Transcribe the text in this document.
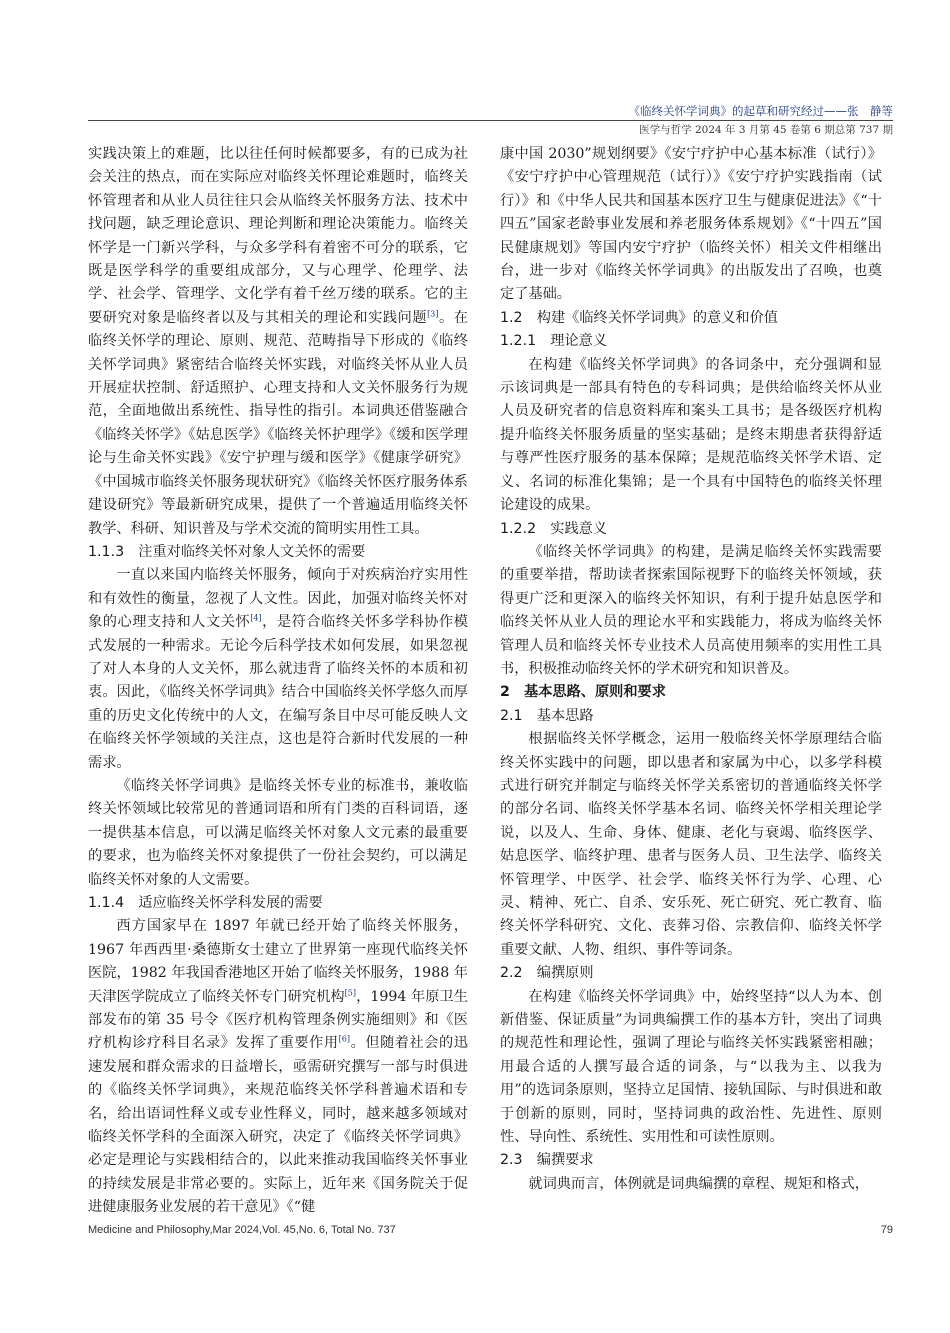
《临终关怀学词典》的起草和研究经过——张　静等
医学与哲学 2024 年 3 月第 45 卷第 6 期总第 737 期

实践决策上的难题，比以往任何时候都要多，有的已成为社会关注的热点，而在实际应对临终关怀理论难题时，临终关怀管理者和从业人员往往只会从临终关怀服务方法、技术中找问题，缺乏理论意识、理论判断和理论决策能力。临终关怀学是一门新兴学科，与众多学科有着密不可分的联系，它既是医学科学的重要组成部分，又与心理学、伦理学、法学、社会学、管理学、文化学有着千丝万缕的联系。它的主要研究对象是临终者以及与其相关的理论和实践问题[3]。在临终关怀学的理论、原则、规范、范畴指导下形成的《临终关怀学词典》紧密结合临终关怀实践，对临终关怀从业人员开展症状控制、舒适照护、心理支持和人文关怀服务行为规范，全面地做出系统性、指导性的指引。本词典还借鉴融合《临终关怀学》《姑息医学》《临终关怀护理学》《缓和医学理论与生命关怀实践》《安宁护理与缓和医学》《健康学研究》《中国城市临终关怀服务现状研究》《临终关怀医疗服务体系建设研究》等最新研究成果，提供了一个普遍适用临终关怀教学、科研、知识普及与学术交流的简明实用性工具。

1.1.3　注重对临终关怀对象人文关怀的需要

一直以来国内临终关怀服务，倾向于对疾病治疗实用性和有效性的衡量，忽视了人文性。因此，加强对临终关怀对象的心理支持和人文关怀[4]，是符合临终关怀多学科协作模式发展的一种需求。无论今后科学技术如何发展，如果忽视了对人本身的人文关怀，那么就违背了临终关怀的本质和初衷。因此，《临终关怀学词典》结合中国临终关怀学悠久而厚重的历史文化传统中的人文，在编写条目中尽可能反映人文在临终关怀学领域的关注点，这也是符合新时代发展的一种需求。

《临终关怀学词典》是临终关怀专业的标准书，兼收临终关怀领域比较常见的普通词语和所有门类的百科词语，逐一提供基本信息，可以满足临终关怀对象人文元素的最重要的要求，也为临终关怀对象提供了一份社会契约，可以满足临终关怀对象的人文需要。

1.1.4　适应临终关怀学科发展的需要

西方国家早在 1897 年就已经开始了临终关怀服务，1967 年西西里·桑德斯女士建立了世界第一座现代临终关怀医院，1982 年我国香港地区开始了临终关怀服务，1988 年天津医学院成立了临终关怀专门研究机构[5]，1994 年原卫生部发布的第 35 号令《医疗机构管理条例实施细则》和《医疗机构诊疗科目名录》发挥了重要作用[6]。但随着社会的迅速发展和群众需求的日益增长，亟需研究撰写一部与时俱进的《临终关怀学词典》，来规范临终关怀学科普遍术语和专名，给出语词性释义或专业性释义，同时，越来越多领域对临终关怀学科的全面深入研究，决定了《临终关怀学词典》必定是理论与实践相结合的，以此来推动我国临终关怀事业的持续发展是非常必要的。实际上，近年来《国务院关于促进健康服务业发展的若干意见》《“健

康中国 2030”规划纲要》《安宁疗护中心基本标准（试行）》《安宁疗护中心管理规范（试行）》《安宁疗护实践指南（试行）》和《中华人民共和国基本医疗卫生与健康促进法》《“十四五”国家老龄事业发展和养老服务体系规划》《“十四五”国民健康规划》等国内安宁疗护（临终关怀）相关文件相继出台，进一步对《临终关怀学词典》的出版发出了召唤，也奠定了基础。

1.2　构建《临终关怀学词典》的意义和价值
1.2.1　理论意义

在构建《临终关怀学词典》的各词条中，充分强调和显示该词典是一部具有特色的专科词典；是供给临终关怀从业人员及研究者的信息资料库和案头工具书；是各级医疗机构提升临终关怀服务质量的坚实基础；是终末期患者获得舒适与尊严性医疗服务的基本保障；是规范临终关怀学术语、定义、名词的标准化集锦；是一个具有中国特色的临终关怀理论建设的成果。

1.2.2　实践意义

《临终关怀学词典》的构建，是满足临终关怀实践需要的重要举措，帮助读者探索国际视野下的临终关怀领域，获得更广泛和更深入的临终关怀知识，有利于提升姑息医学和临终关怀从业人员的理论水平和实践能力，将成为临终关怀管理人员和临终关怀专业技术人员高使用频率的实用性工具书，积极推动临终关怀的学术研究和知识普及。

2　基本思路、原则和要求
2.1　基本思路

根据临终关怀学概念，运用一般临终关怀学原理结合临终关怀实践中的问题，即以患者和家属为中心，以多学科模式进行研究并制定与临终关怀学关系密切的普通临终关怀学的部分名词、临终关怀学基本名词、临终关怀学相关理论学说，以及人、生命、身体、健康、老化与衰竭、临终医学、姑息医学、临终护理、患者与医务人员、卫生法学、临终关怀管理学、中医学、社会学、临终关怀行为学、心理、心灵、精神、死亡、自杀、安乐死、死亡研究、死亡教育、临终关怀学科研究、文化、丧葬习俗、宗教信仰、临终关怀学重要文献、人物、组织、事件等词条。

2.2　编撰原则

在构建《临终关怀学词典》中，始终坚持“以人为本、创新借鉴、保证质量”为词典编撰工作的基本方针，突出了词典的规范性和理论性，强调了理论与临终关怀实践紧密相融；用最合适的人撰写最合适的词条，与“以我为主、以我为用”的选词条原则，坚持立足国情、接轨国际、与时俱进和敢于创新的原则，同时，坚持词典的政治性、先进性、原则性、导向性、系统性、实用性和可读性原则。

2.3　编撰要求

就词典而言，体例就是词典编撰的章程、规矩和格式，

Medicine and Philosophy,Mar 2024,Vol. 45,No. 6, Total No. 737	79
